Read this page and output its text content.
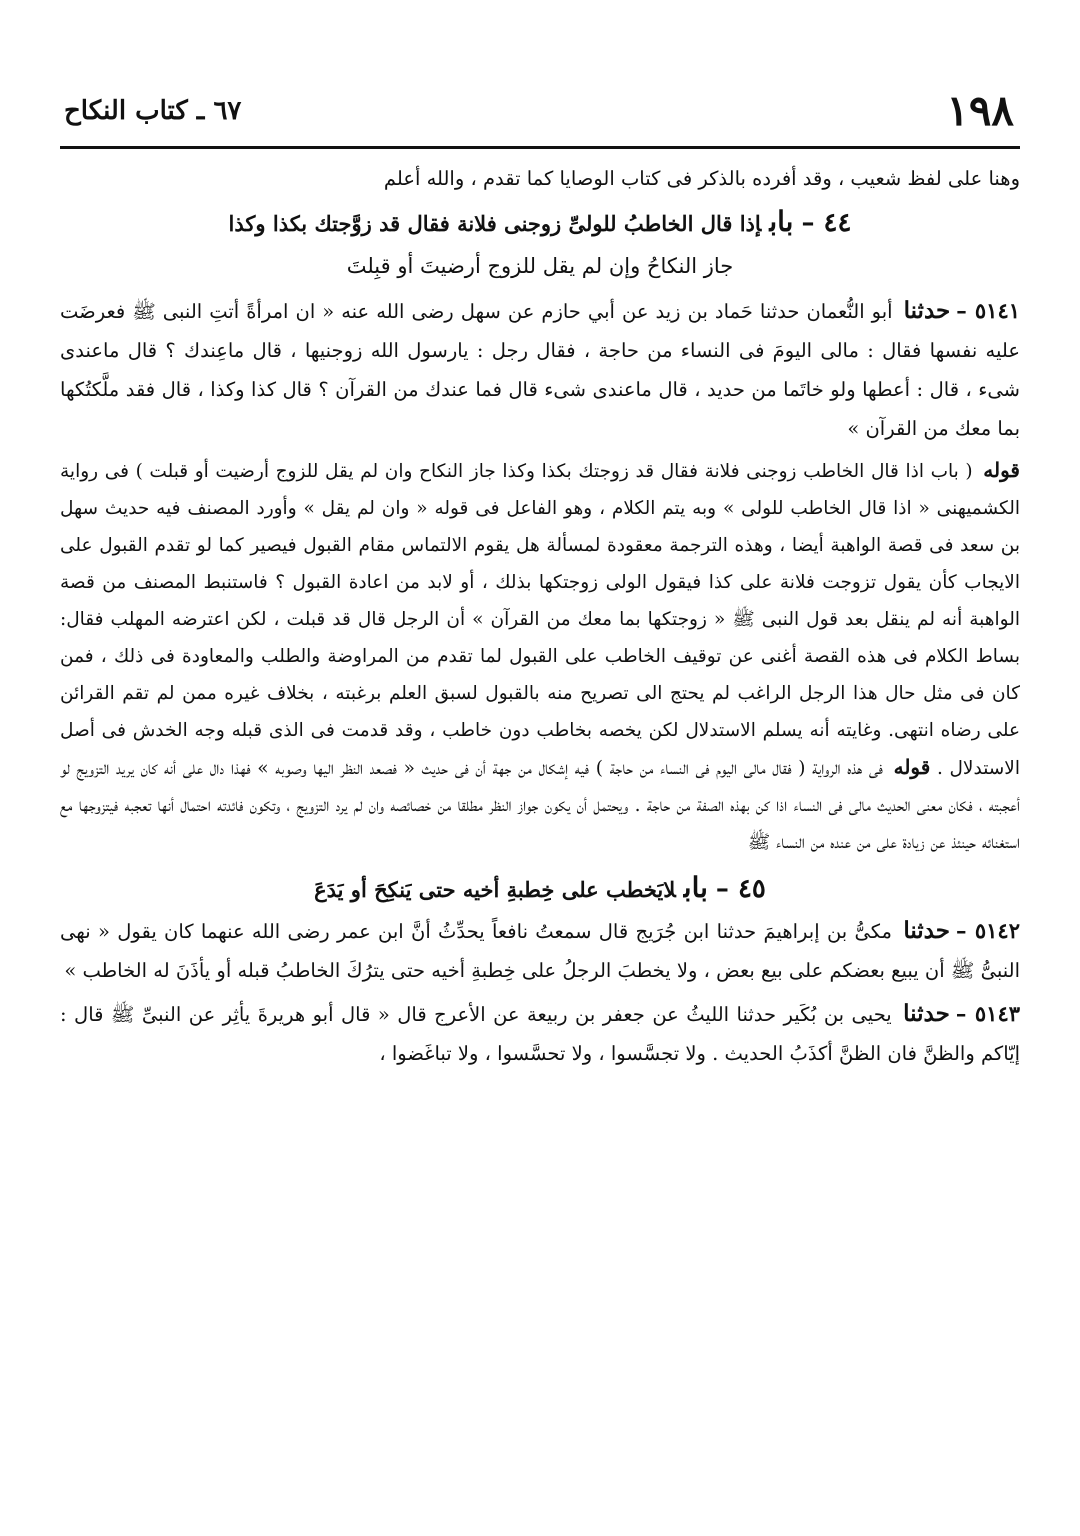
١٩٨
٦٧ ـ كتاب النكاح

وهنا على لفظ شعيب ، وقد أفرده بالذكر فى كتاب الوصايا كما تقدم ، والله أعلم

٤٤ –بابإذا قال الخاطبُ للولىِّ زوجنى فلانة فقال قد زوَّجتك بكذا وكذا

جاز النكاحُ وإن لم يقل للزوج أرضيتَ أو قبِلتَ

٥١٤١ –حدثنا أبو النُّعمان حدثنا حَماد بن زيد عن أبي حازم عن سهل رضى الله عنه « ان امرأةً أتتِ النبى ﷺ فعرضَت عليه نفسها فقال : مالى اليومَ فى النساء من حاجة ، فقال رجل : يارسول الله زوجنيها ، قال ماعِندك ؟ قال ماعندى شىء ، قال : أعطها ولو خاتَما من حديد ، قال ماعندى شىء قال فما عندك من القرآن ؟ قال كذا وكذا ، قال فقد ملَّكتُكها بما معك من القرآن »

قوله ( باب اذا قال الخاطب زوجنى فلانة فقال قد زوجتك بكذا وكذا جاز النكاح وان لم يقل للزوج أرضيت أو قبلت ) فى رواية الكشميهنى « اذا قال الخاطب للولى » وبه يتم الكلام ، وهو الفاعل فى قوله « وان لم يقل » وأورد المصنف فيه حديث سهل بن سعد فى قصة الواهبة أيضا ، وهذه الترجمة معقودة لمسألة هل يقوم الالتماس مقام القبول فيصير كما لو تقدم القبول على الايجاب كأن يقول تزوجت فلانة على كذا فيقول الولى زوجتكها بذلك ، أو لابد من اعادة القبول ؟ فاستنبط المصنف من قصة الواهبة أنه لم ينقل بعد قول النبى ﷺ « زوجتكها بما معك من القرآن » أن الرجل قال قد قبلت ، لكن اعترضه المهلب فقال: بساط الكلام فى هذه القصة أغنى عن توقيف الخاطب على القبول لما تقدم من المراوضة والطلب والمعاودة فى ذلك ، فمن كان فى مثل حال هذا الرجل الراغب لم يحتج الى تصريح منه بالقبول لسبق العلم برغبته ، بخلاف غيره ممن لم تقم القرائن على رضاه انتهى. وغايته أنه يسلم الاستدلال لكن يخصه بخاطب دون خاطب ، وقد قدمت فى الذى قبله وجه الخدش فى أصل الاستدلال . قوله فى هذه الرواية ( فقال مالى اليوم فى النساء من حاجة ) فيه إشكال من جهة أن فى حديث « فصعد النظر اليها وصوبه » فهذا دال على أنه كان يريد التزويج لو أعجبته ، فكان معنى الحديث مالى فى النساء اذا كن بهذه الصفة من حاجة . ويحتمل أن يكون جواز النظر مطلقا من خصائصه وان لم يرد التزويج ، وتكون فائدته احتمال أنها تعجبه فيتزوجها مع استغنائه حينئذ عن زيادة على من عنده من النساء ﷺ

٤٥ –بابلايَخطب على خِطبةِ أخيه حتى يَنكِحَ أو يَدَعَ

٥١٤٢ –حدثنا مكىُّ بن إبراهيمَ حدثنا ابن جُرَيج قال سمعتُ نافعاً يحدِّثُ أنَّ ابن عمر رضى الله عنهما كان يقول « نهى النبىُّ ﷺ أن يبيع بعضكم على بيع بعض ، ولا يخطبَ الرجلُ على خِطبةِ أخيه حتى يترُكَ الخاطبُ قبله أو يأذَنَ له الخاطب »

٥١٤٣ –حدثنا يحيى بن بُكَير حدثنا الليثُ عن جعفر بن ربيعة عن الأعرج قال « قال أبو هريرةَ يأثِر عن النبىِّ ﷺ قال : إيّاكم والظنَّ فان الظنَّ أكذَبُ الحديث . ولا تجسَّسوا ، ولا تحسَّسوا ، ولا تباغَضوا ،
